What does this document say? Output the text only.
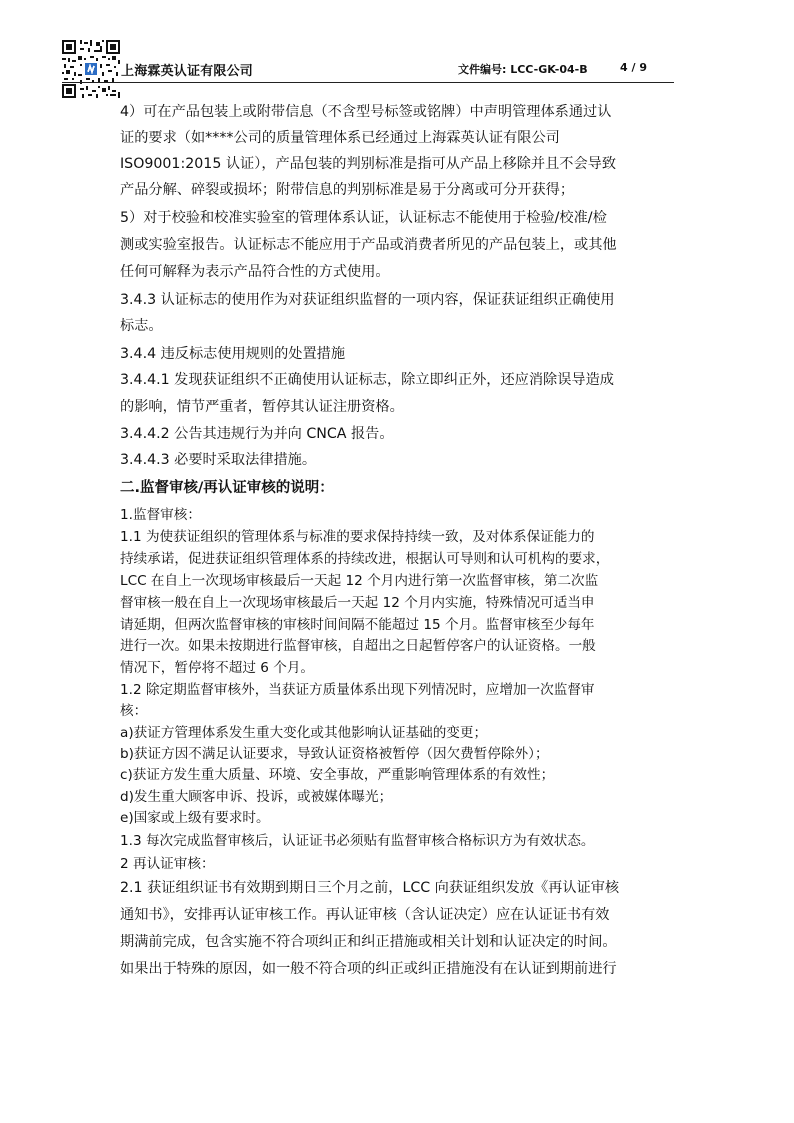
上海霖英认证有限公司	文件编号: LCC-GK-04-B	4 / 9
4）可在产品包装上或附带信息（不含型号标签或铭牌）中声明管理体系通过认
证的要求（如****公司的质量管理体系已经通过上海霖英认证有限公司
ISO9001:2015 认证），产品包装的判别标准是指可从产品上移除并且不会导致
产品分解、碎裂或损坏；附带信息的判别标准是易于分离或可分开获得；
5）对于校验和校准实验室的管理体系认证，认证标志不能使用于检验/校准/检
测或实验室报告。认证标志不能应用于产品或消费者所见的产品包装上，或其他
任何可解释为表示产品符合性的方式使用。
3.4.3 认证标志的使用作为对获证组织监督的一项内容，保证获证组织正确使用
标志。
3.4.4 违反标志使用规则的处置措施
3.4.4.1 发现获证组织不正确使用认证标志，除立即纠正外，还应消除误导造成
的影响，情节严重者，暂停其认证注册资格。
3.4.4.2 公告其违规行为并向 CNCA 报告。
3.4.4.3 必要时采取法律措施。
二.监督审核/再认证审核的说明：
1.监督审核：
1.1 为使获证组织的管理体系与标准的要求保持持续一致，及对体系保证能力的
持续承诺，促进获证组织管理体系的持续改进，根据认可导则和认可机构的要求，
LCC 在自上一次现场审核最后一天起 12 个月内进行第一次监督审核，第二次监
督审核一般在自上一次现场审核最后一天起 12 个月内实施，特殊情况可适当申
请延期，但两次监督审核的审核时间间隔不能超过 15 个月。监督审核至少每年
进行一次。如果未按期进行监督审核，自超出之日起暂停客户的认证资格。一般
情况下，暂停将不超过 6 个月。
1.2 除定期监督审核外，当获证方质量体系出现下列情况时，应增加一次监督审
核：
a)获证方管理体系发生重大变化或其他影响认证基础的变更；
b)获证方因不满足认证要求，导致认证资格被暂停（因欠费暂停除外）；
c)获证方发生重大质量、环境、安全事故，严重影响管理体系的有效性；
d)发生重大顾客申诉、投诉，或被媒体曝光；
e)国家或上级有要求时。
1.3 每次完成监督审核后，认证证书必须贴有监督审核合格标识方为有效状态。
2 再认证审核：
2.1 获证组织证书有效期到期日三个月之前，LCC 向获证组织发放《再认证审核
通知书》，安排再认证审核工作。再认证审核（含认证决定）应在认证证书有效
期满前完成，包含实施不符合项纠正和纠正措施或相关计划和认证决定的时间。
如果出于特殊的原因，如一般不符合项的纠正或纠正措施没有在认证到期前进行
